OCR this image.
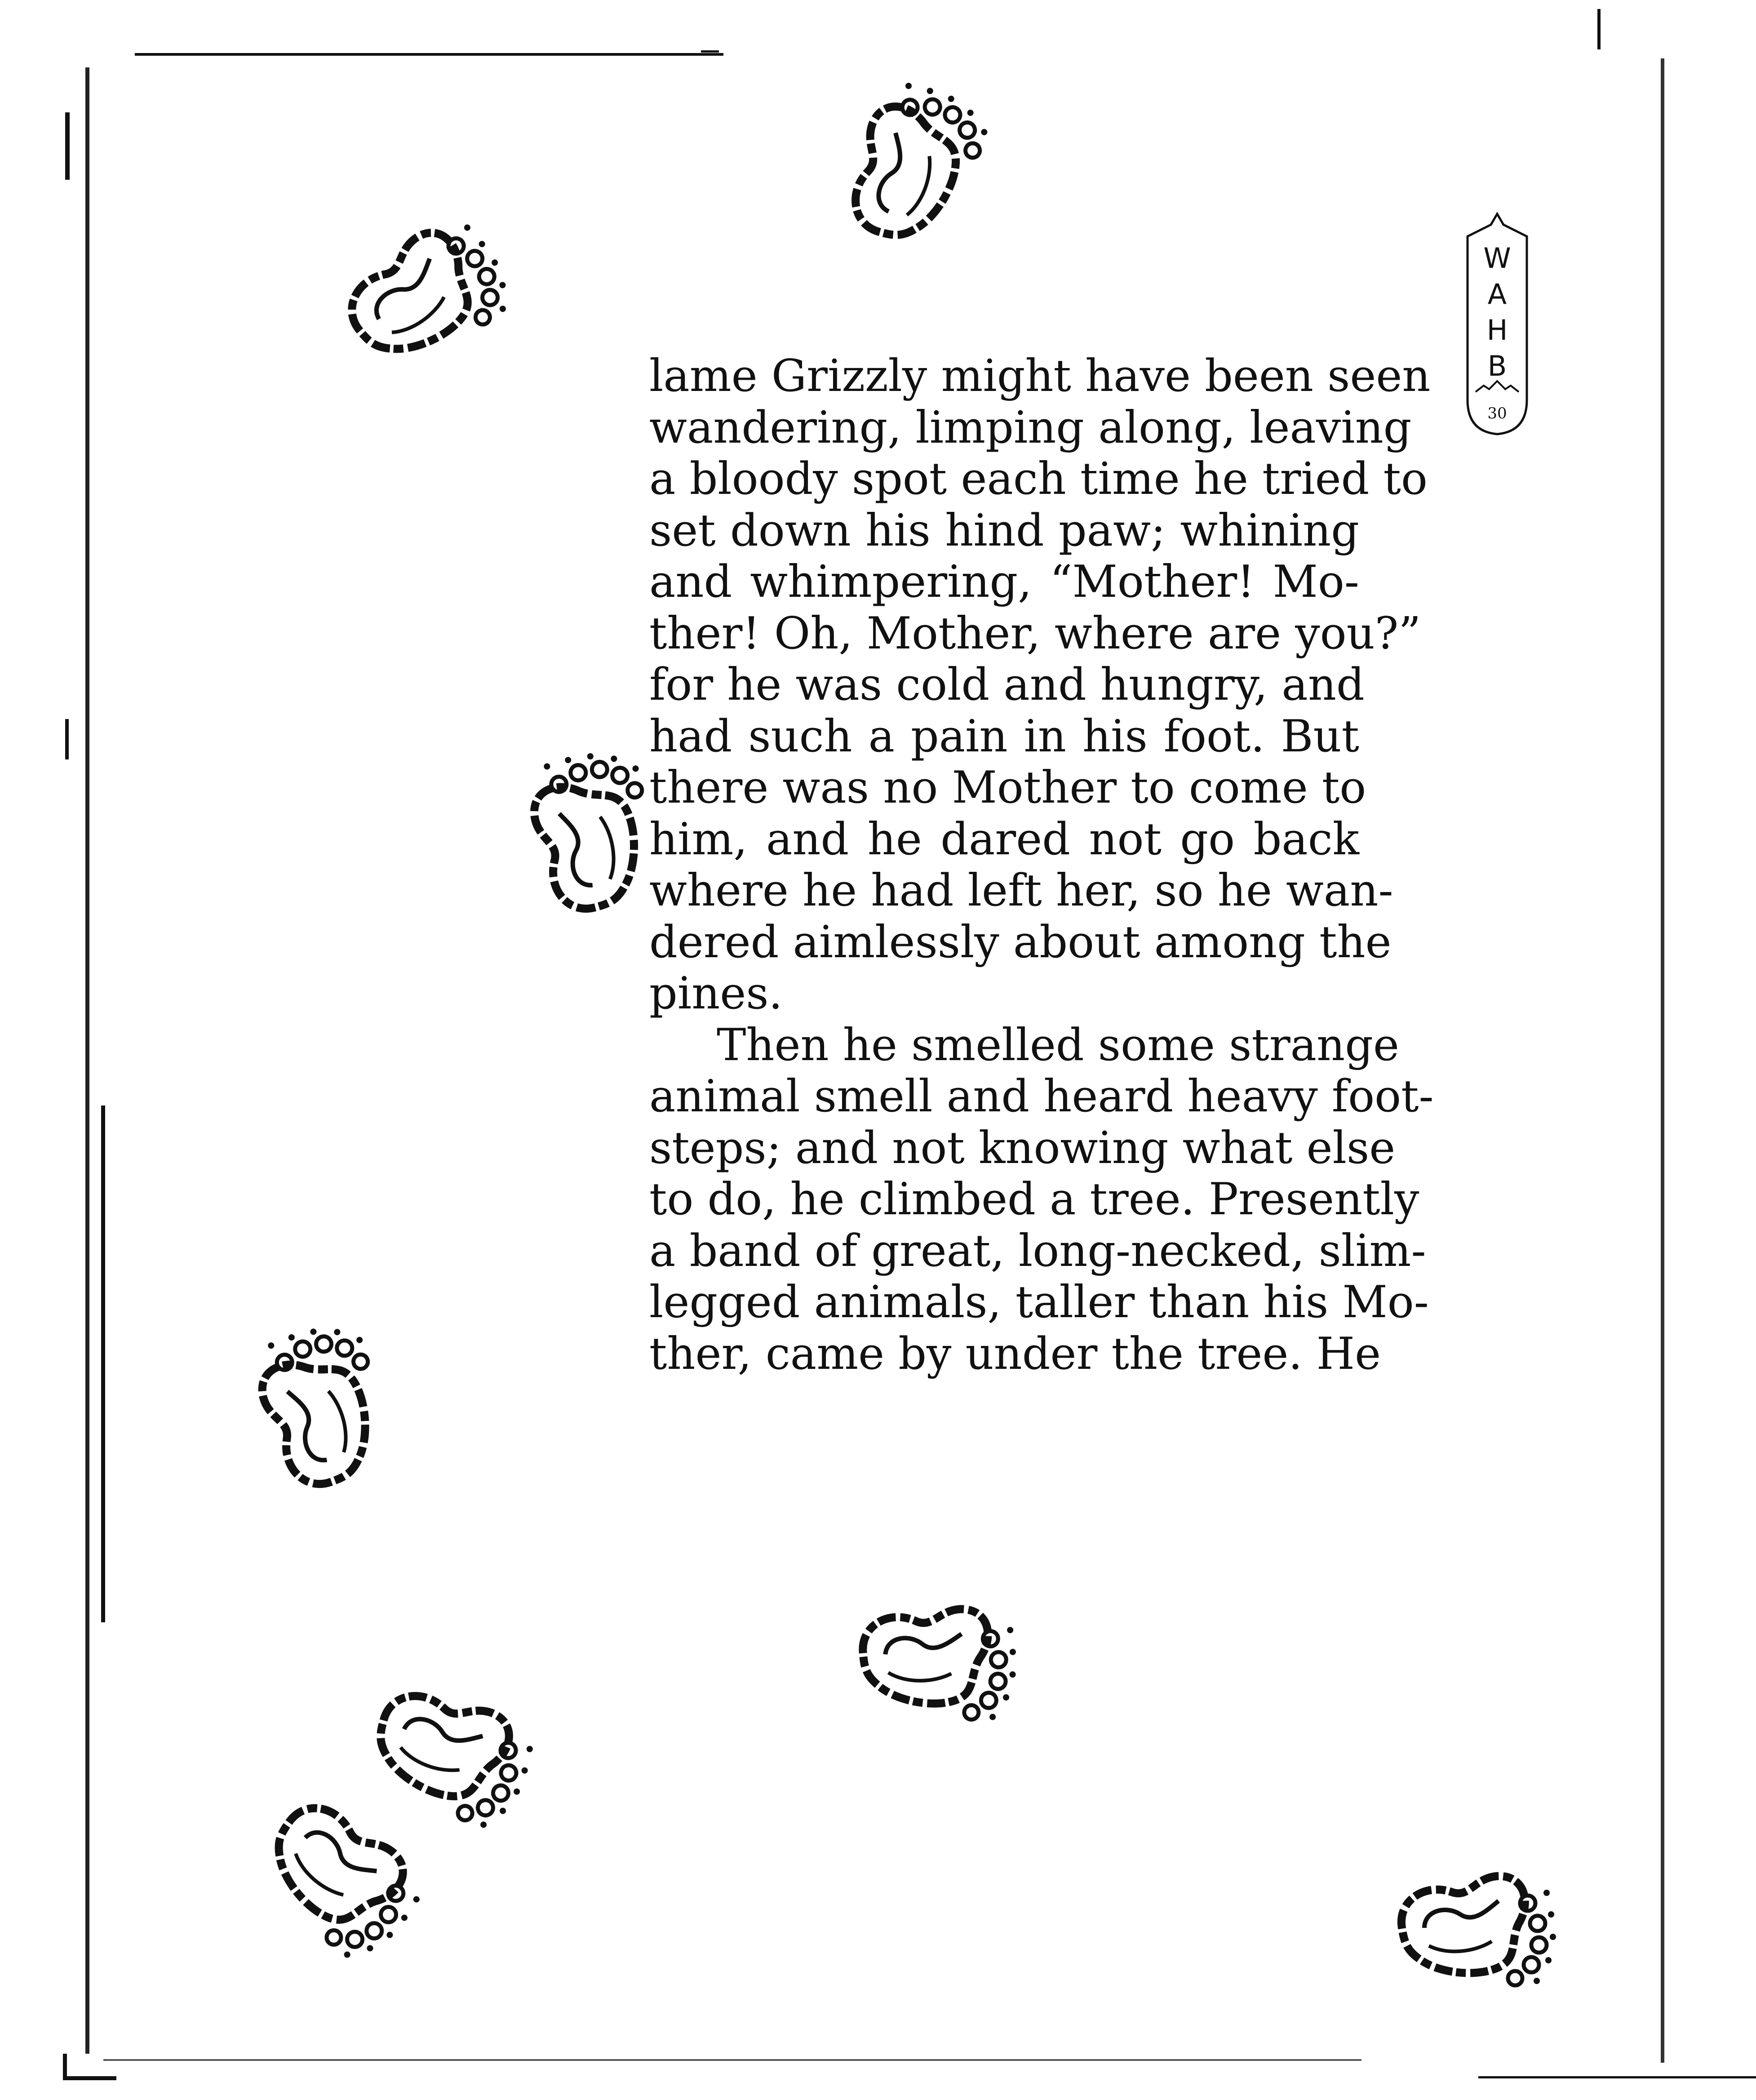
W
A
H
B
30
lame Grizzly might have been seen
wandering, limping along, leaving
a bloody spot each time he tried to
set down his hind paw; whining
and whimpering, “Mother! Mo-
ther! Oh, Mother, where are you?”
for he was cold and hungry, and
had such a pain in his foot. But
there was no Mother to come to
him, and he dared not go back
where he had left her, so he wan-
dered aimlessly about among the
pines.
Then he smelled some strange
animal smell and heard heavy foot-
steps; and not knowing what else
to do, he climbed a tree. Presently
a band of great, long-necked, slim-
legged animals, taller than his Mo-
ther, came by under the tree. He
